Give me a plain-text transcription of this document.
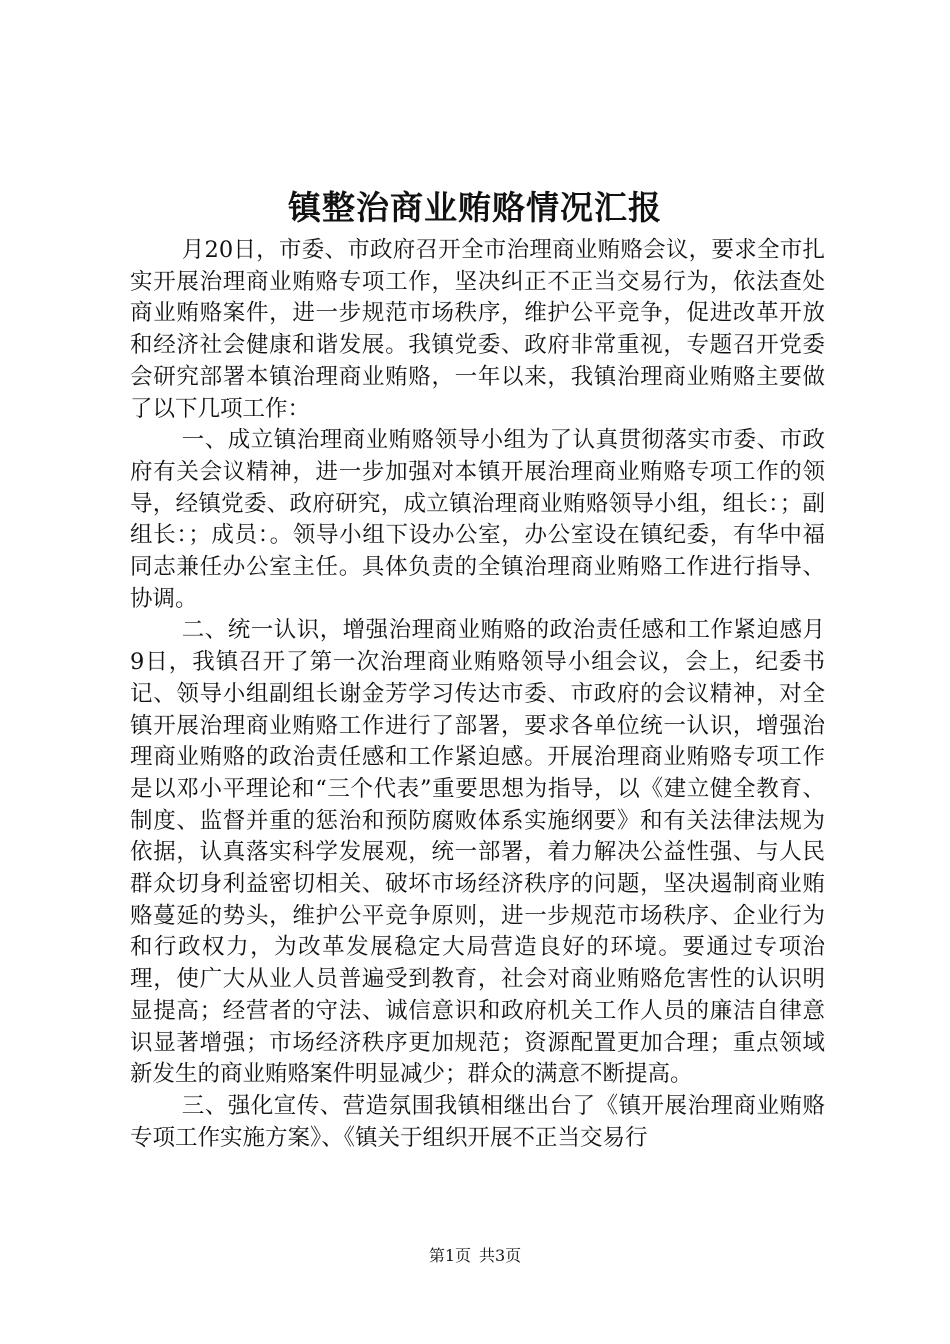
镇整治商业贿赂情况汇报

月20日，市委、市政府召开全市治理商业贿赂会议，要求全市扎实开展治理商业贿赂专项工作，坚决纠正不正当交易行为，依法查处商业贿赂案件，进一步规范市场秩序，维护公平竞争，促进改革开放和经济社会健康和谐发展。我镇党委、政府非常重视，专题召开党委会研究部署本镇治理商业贿赂，一年以来，我镇治理商业贿赂主要做了以下几项工作：

一、成立镇治理商业贿赂领导小组为了认真贯彻落实市委、市政府有关会议精神，进一步加强对本镇开展治理商业贿赂专项工作的领导，经镇党委、政府研究，成立镇治理商业贿赂领导小组，组长：；副组长：；成员：。领导小组下设办公室，办公室设在镇纪委，有华中福同志兼任办公室主任。具体负责的全镇治理商业贿赂工作进行指导、协调。

二、统一认识，增强治理商业贿赂的政治责任感和工作紧迫感月9日，我镇召开了第一次治理商业贿赂领导小组会议，会上，纪委书记、领导小组副组长谢金芳学习传达市委、市政府的会议精神，对全镇开展治理商业贿赂工作进行了部署，要求各单位统一认识，增强治理商业贿赂的政治责任感和工作紧迫感。开展治理商业贿赂专项工作是以邓小平理论和“三个代表”重要思想为指导，以《建立健全教育、制度、监督并重的惩治和预防腐败体系实施纲要》和有关法律法规为依据，认真落实科学发展观，统一部署，着力解决公益性强、与人民群众切身利益密切相关、破坏市场经济秩序的问题，坚决遏制商业贿赂蔓延的势头，维护公平竞争原则，进一步规范市场秩序、企业行为和行政权力，为改革发展稳定大局营造良好的环境。要通过专项治理，使广大从业人员普遍受到教育，社会对商业贿赂危害性的认识明显提高；经营者的守法、诚信意识和政府机关工作人员的廉洁自律意识显著增强；市场经济秩序更加规范；资源配置更加合理；重点领域新发生的商业贿赂案件明显减少；群众的满意不断提高。

三、强化宣传、营造氛围我镇相继出台了《镇开展治理商业贿赂专项工作实施方案》、《镇关于组织开展不正当交易行

第1页 共3页
